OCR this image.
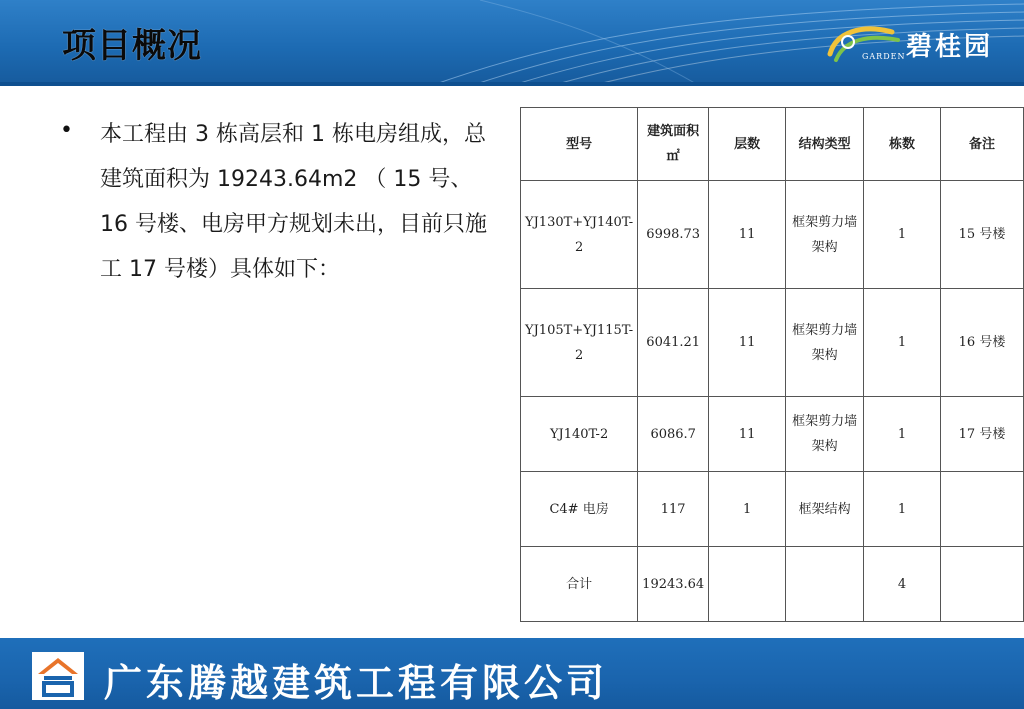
项目概况	碧桂园
GARDEN
• 本工程由 3 栋高层和 1 栋电房组成，总建筑面积为 19243.64m2 （ 15 号、 16 号楼、电房甲方规划未出，目前只施工 17 号楼）具体如下：
型号	建筑面积㎡	层数	结构类型	栋数	备注
YJ130T+YJ140T-2	6998.73	11	框架剪力墙架构	1	15 号楼
YJ105T+YJ115T-2	6041.21	11	框架剪力墙架构	1	16 号楼
YJ140T-2	6086.7	11	框架剪力墙架构	1	17 号楼
C4# 电房	117	1	框架结构	1	
合计	19243.64			4	
广东腾越建筑工程有限公司
